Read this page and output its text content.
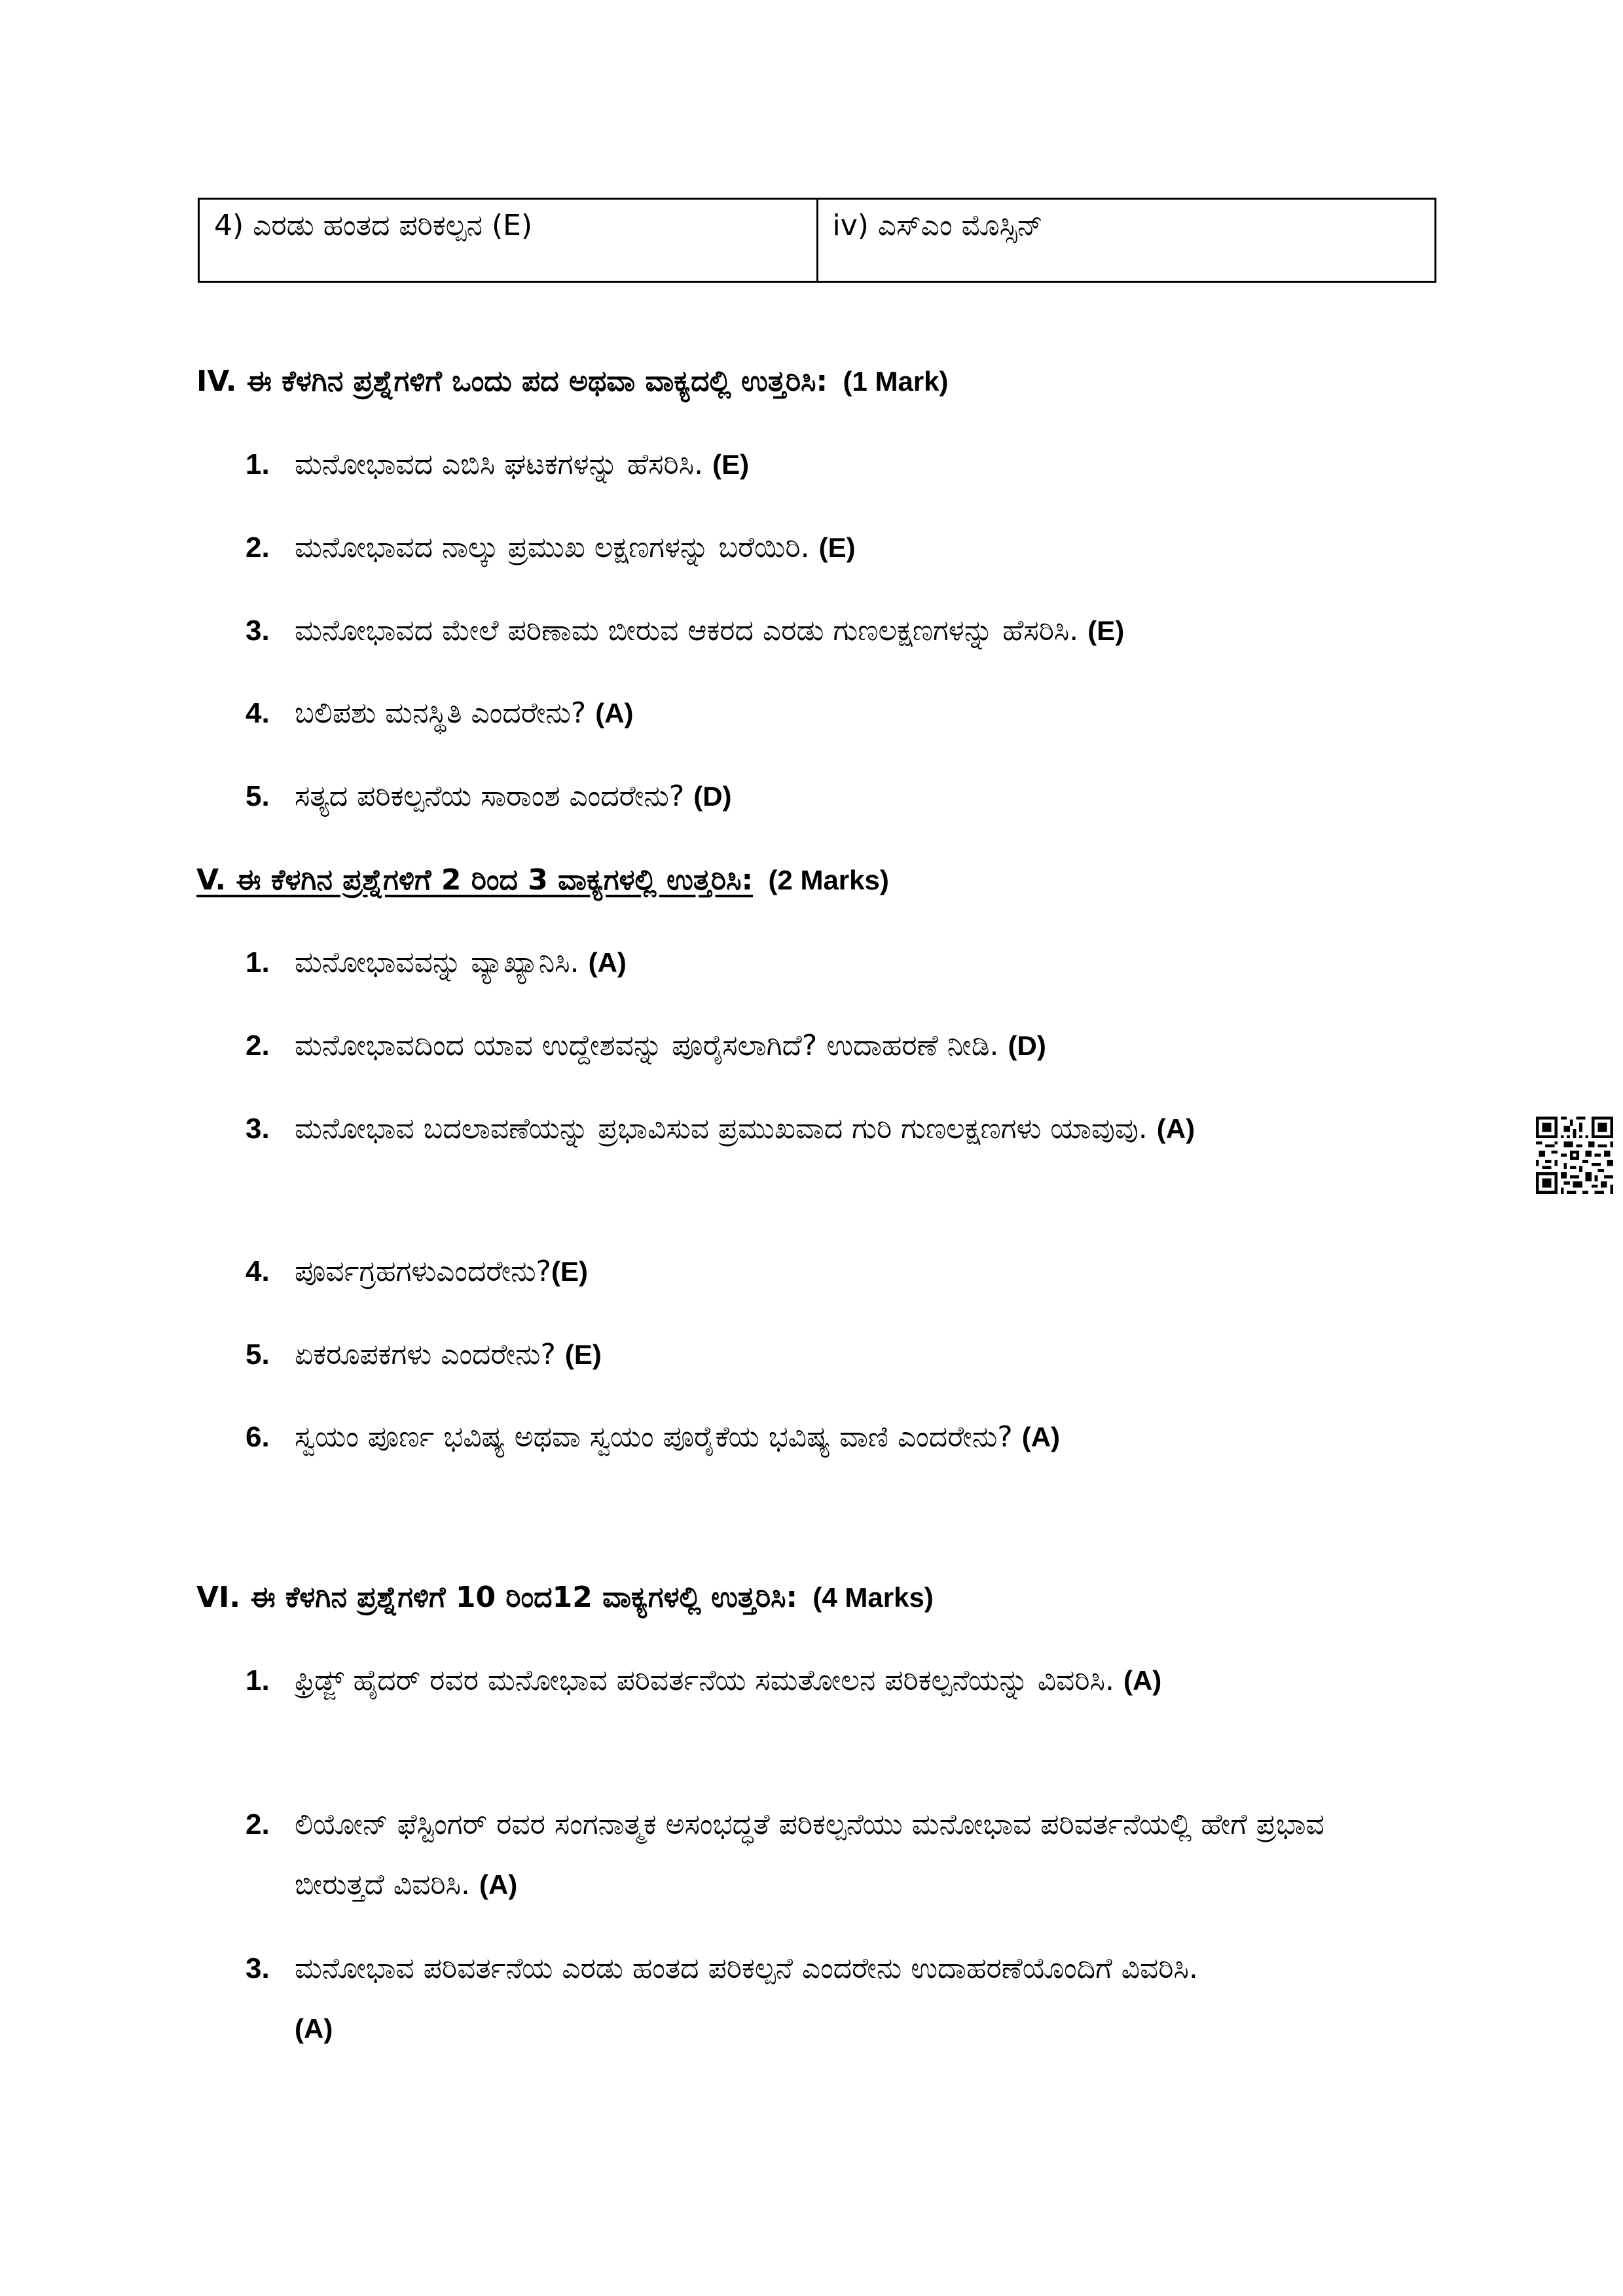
4) ಎರಡು ಹಂತದ ಪರಿಕಲ್ಪನ (E)	iv) ಎಸ್ಎಂ ಮೊಸ್ಸಿನ್
IV. ಈ ಕೆಳಗಿನ ಪ್ರಶ್ನೆಗಳಿಗೆ ಒಂದು ಪದ ಅಥವಾ ವಾಕ್ಯದಲ್ಲಿ ಉತ್ತರಿಸಿ: (1 Mark)
1. ಮನೋಭಾವದ ಎಬಿಸಿ ಘಟಕಗಳನ್ನು ಹೆಸರಿಸಿ. (E)
2. ಮನೋಭಾವದ ನಾಲ್ಕು ಪ್ರಮುಖ ಲಕ್ಷಣಗಳನ್ನು ಬರೆಯಿರಿ. (E)
3. ಮನೋಭಾವದ ಮೇಲೆ ಪರಿಣಾಮ ಬೀರುವ ಆಕರದ ಎರಡು ಗುಣಲಕ್ಷಣಗಳನ್ನು ಹೆಸರಿಸಿ. (E)
4. ಬಲಿಪಶು ಮನಸ್ಥಿತಿ ಎಂದರೇನು? (A)
5. ಸತ್ಯದ ಪರಿಕಲ್ಪನೆಯ ಸಾರಾಂಶ ಎಂದರೇನು? (D)
V. ಈ ಕೆಳಗಿನ ಪ್ರಶ್ನೆಗಳಿಗೆ 2 ರಿಂದ 3 ವಾಕ್ಯಗಳಲ್ಲಿ ಉತ್ತರಿಸಿ: (2 Marks)
1. ಮನೋಭಾವವನ್ನು ವ್ಯಾಖ್ಯಾನಿಸಿ. (A)
2. ಮನೋಭಾವದಿಂದ ಯಾವ ಉದ್ದೇಶವನ್ನು ಪೂರೈಸಲಾಗಿದೆ? ಉದಾಹರಣೆ ನೀಡಿ. (D)
3. ಮನೋಭಾವ ಬದಲಾವಣೆಯನ್ನು ಪ್ರಭಾವಿಸುವ ಪ್ರಮುಖವಾದ ಗುರಿ ಗುಣಲಕ್ಷಣಗಳು ಯಾವುವು. (A)
4. ಪೂರ್ವಗ್ರಹಗಳುಎಂದರೇನು?(E)
5. ಏಕರೂಪಕಗಳು ಎಂದರೇನು? (E)
6. ಸ್ವಯಂ ಪೂರ್ಣ ಭವಿಷ್ಯ ಅಥವಾ ಸ್ವಯಂ ಪೂರೈಕೆಯ ಭವಿಷ್ಯ ವಾಣಿ ಎಂದರೇನು? (A)
VI. ಈ ಕೆಳಗಿನ ಪ್ರಶ್ನೆಗಳಿಗೆ 10 ರಿಂದ12 ವಾಕ್ಯಗಳಲ್ಲಿ ಉತ್ತರಿಸಿ: (4 Marks)
1. ಫ್ರಿಡ್ಜ್ ಹೈದರ್ ರವರ ಮನೋಭಾವ ಪರಿವರ್ತನೆಯ ಸಮತೋಲನ ಪರಿಕಲ್ಪನೆಯನ್ನು ವಿವರಿಸಿ. (A)
2. ಲಿಯೋನ್ ಫೆಸ್ಟಿಂಗರ್ ರವರ ಸಂಗನಾತ್ಮಕ ಅಸಂಭದ್ಧತೆ ಪರಿಕಲ್ಪನೆಯು ಮನೋಭಾವ ಪರಿವರ್ತನೆಯಲ್ಲಿ ಹೇಗೆ ಪ್ರಭಾವ ಬೀರುತ್ತದೆ ವಿವರಿಸಿ. (A)
3. ಮನೋಭಾವ ಪರಿವರ್ತನೆಯ ಎರಡು ಹಂತದ ಪರಿಕಲ್ಪನೆ ಎಂದರೇನು ಉದಾಹರಣೆಯೊಂದಿಗೆ ವಿವರಿಸಿ. (A)
